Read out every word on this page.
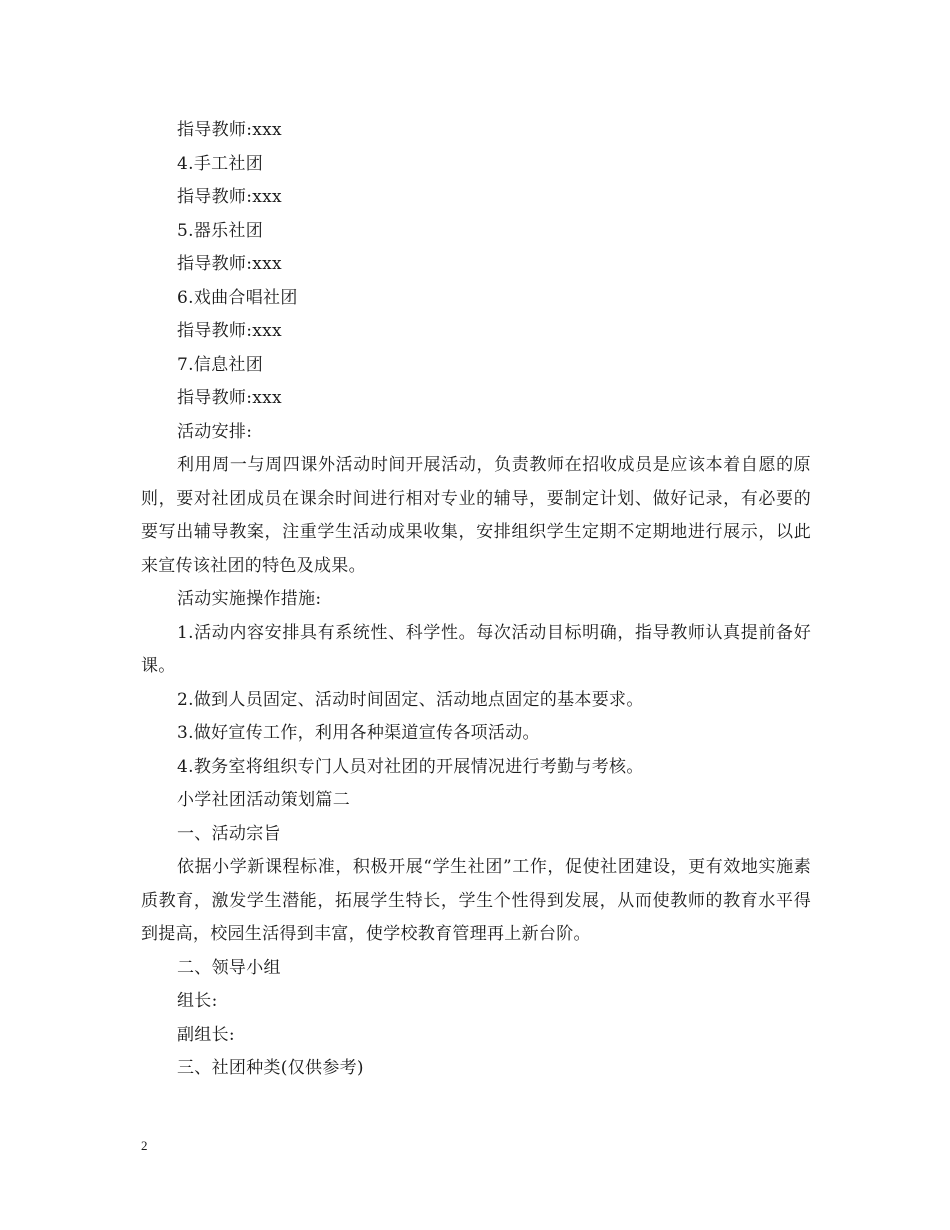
指导教师:xxx
4.手工社团
指导教师:xxx
5.器乐社团
指导教师:xxx
6.戏曲合唱社团
指导教师:xxx
7.信息社团
指导教师:xxx
活动安排:
利用周一与周四课外活动时间开展活动，负责教师在招收成员是应该本着自愿的原则，要对社团成员在课余时间进行相对专业的辅导，要制定计划、做好记录，有必要的要写出辅导教案，注重学生活动成果收集，安排组织学生定期不定期地进行展示，以此来宣传该社团的特色及成果。
活动实施操作措施:
1.活动内容安排具有系统性、科学性。每次活动目标明确，指导教师认真提前备好课。
2.做到人员固定、活动时间固定、活动地点固定的基本要求。
3.做好宣传工作，利用各种渠道宣传各项活动。
4.教务室将组织专门人员对社团的开展情况进行考勤与考核。
小学社团活动策划篇二
一、活动宗旨
依据小学新课程标准，积极开展“学生社团”工作，促使社团建设，更有效地实施素质教育，激发学生潜能，拓展学生特长，学生个性得到发展，从而使教师的教育水平得到提高，校园生活得到丰富，使学校教育管理再上新台阶。
二、领导小组
组长:
副组长:
三、社团种类(仅供参考)
2
